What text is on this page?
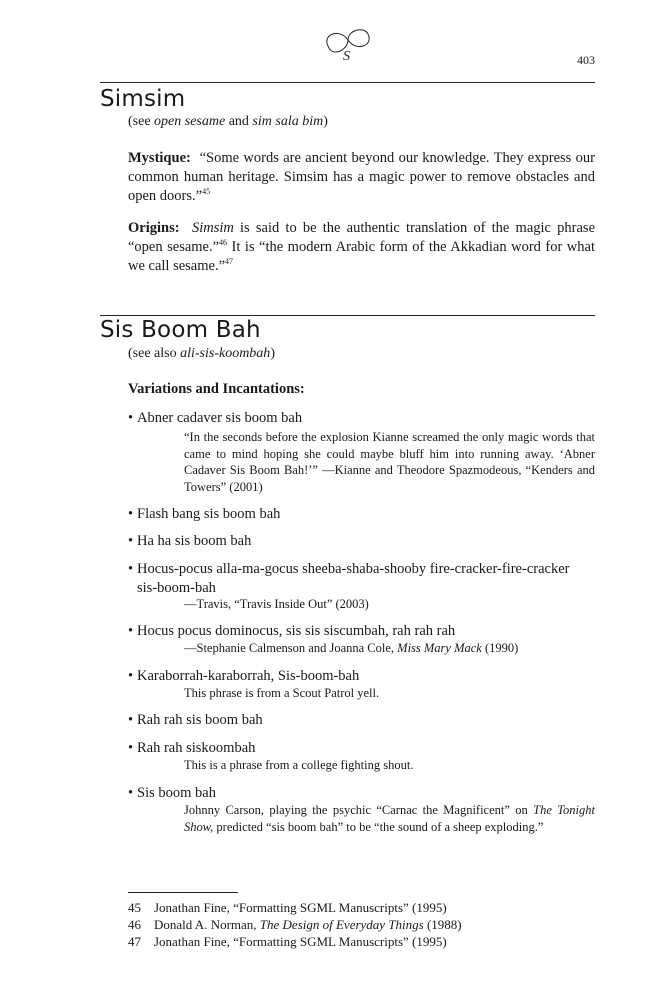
S	403
Simsim
(see open sesame and sim sala bim)

Mystique: “Some words are ancient beyond our knowledge. They express our common human heritage. Simsim has a magic power to remove obstacles and open doors.”$^{45}$

Origins: Simsim is said to be the authentic translation of the magic phrase “open sesame.”$^{46}$ It is “the modern Arabic form of the Akkadian word for what we call sesame.”$^{47}$

Sis Boom Bah
(see also ali-sis-koombah)
Variations and Incantations:
• Abner cadaver sis boom bah

“In the seconds before the explosion Kianne screamed the only magic words that came to mind hoping she could maybe bluff him into running away. ‘Abner Cadaver Sis Boom Bah!’” —Kianne and Theodore Spazmodeous, “Kenders and Towers” (2001)

• Flash bang sis boom bah
• Ha ha sis boom bah
• Hocus-pocus alla-ma-gocus sheeba-shaba-shooby fire-cracker-fire-cracker
sis-boom-bah

—Travis, “Travis Inside Out” (2003)

• Hocus pocus dominocus, sis sis siscumbah, rah rah rah

—Stephanie Calmenson and Joanna Cole, Miss Mary Mack (1990)

• Karaborrah-karaborrah, Sis-boom-bah

This phrase is from a Scout Patrol yell.

• Rah rah sis boom bah
• Rah rah siskoombah

This is a phrase from a college fighting shout.

• Sis boom bah

Johnny Carson, playing the psychic “Carnac the Magnificent” on The Tonight Show, predicted “sis boom bah” to be “the sound of a sheep exploding.”

45 Jonathan Fine, “Formatting SGML Manuscripts” (1995)
46 Donald A. Norman, The Design of Everyday Things (1988)
47 Jonathan Fine, “Formatting SGML Manuscripts” (1995)
